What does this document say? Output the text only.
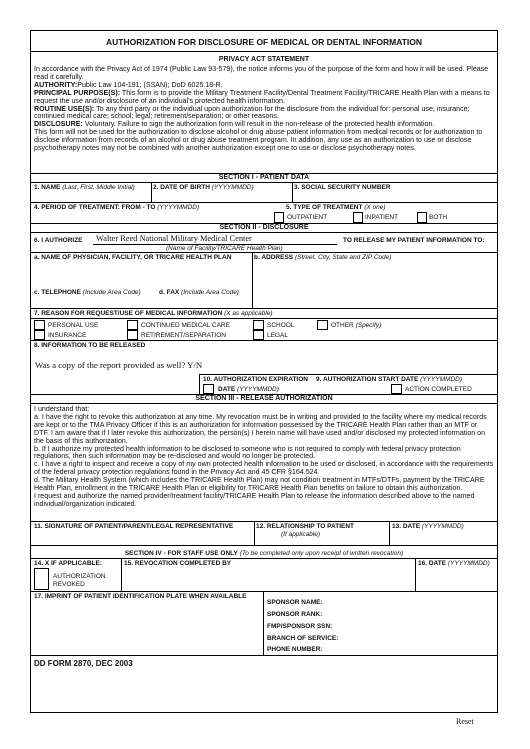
AUTHORIZATION FOR DISCLOSURE OF MEDICAL OR DENTAL INFORMATION
PRIVACY ACT STATEMENT

In accordance with the Privacy Act of 1974 (Public Law 93-579), the notice informs you of the purpose of the form and how it will be used. Please read it carefully.

AUTHORITY:Public Law 104-191; (SSAN); DoD 6025.18-R.

PRINCIPAL PURPOSE(S): This form is to provide the Military Treatment Facility/Dental Treatment Facility/TRICARE Health Plan with a means to request the use and/or disclosure of an individual's protected health information.

ROUTINE USE(S): To any third party or the individual upon authorization for the disclosure from the individual for: personal use; insurance; continued medical care; school; legal; retirement/separation; or other reasons.

DISCLOSURE: Voluntary. Failure to sign the authorization form will result in the non-release of the protected health information.

This form will not be used for the authorization to disclose alcohol or drug abuse patient information from medical records or for authorization to disclose information from records of an alcohol or drug abuse treatment program. In addition, any use as an authorization to use or disclose psychotherapy notes may not be combined with another authorization except one to use or disclose psychotherapy notes.

SECTION I - PATIENT DATA
1. NAME (Last, First, Middle Initial)	2. DATE OF BIRTH (YYYYMMDD)	3. SOCIAL SECURITY NUMBER
4. PERIOD OF TREATMENT: FROM - TO (YYYYMMDD)	5. TYPE OF TREATMENT (X one)
OUTPATIENT	INPATIENT	BOTH
SECTION II - DISCLOSURE
6. I AUTHORIZE	Walter Reed National Military Medical Center	TO RELEASE MY PATIENT INFORMATION TO:
(Name of Facility/TRICARE Health Plan)
a. NAME OF PHYSICIAN, FACILITY, OR TRICARE HEALTH PLAN	b. ADDRESS (Street, City, State and ZIP Code)
c. TELEPHONE (Include Area Code)	d. FAX (Include Area Code)
7. REASON FOR REQUEST/USE OF MEDICAL INFORMATION (X as applicable)
PERSONAL USE
INSURANCE
CONTINUED MEDICAL CARE
RETIREMENT/SEPARATION
SCHOOL
LEGAL
OTHER (Specify)
8. INFORMATION TO BE RELEASED
Was a copy of the report provided as well? Y/N
10. AUTHORIZATION EXPIRATION 9. AUTHORIZATION START DATE (YYYYMMDD)
DATE (YYYYMMDD)	ACTION COMPLETED
SECTION III - RELEASE AUTHORIZATION

I understand that:

a. I have the right to revoke this authorization at any time. My revocation must be in writing and provided to the facility where my medical records are kept or to the TMA Privacy Officer if this is an authorization for information possessed by the TRICARE Health Plan rather than an MTF or DTF. I am aware that if I later revoke this authorization, the person(s) I herein name will have used and/or disclosed my protected information on the basis of this authorization.

b. If I authorize my protected health information to be disclosed to someone who is not required to comply with federal privacy protection regulations, then such information may be re-disclosed and would no longer be protected.

c. I have a right to inspect and receive a copy of my own protected health information to be used or disclosed, in accordance with the requirements of the federal privacy protection regulations found in the Privacy Act and 45 CFR §164.524.

d. The Military Health System (which includes the TRICARE Health Plan) may not condition treatment in MTFs/DTFs, payment by the TRICARE Health Plan, enrollment in the TRICARE Health Plan or eligibility for TRICARE Health Plan benefits on failure to obtain this authorization.

I request and authorize the named provider/treatment facility/TRICARE Health Plan to release the information described above to the named individual/organization indicated.

11. SIGNATURE OF PATIENT/PARENT/LEGAL REPRESENTATIVE	12. RELATIONSHIP TO PATIENT
(If applicable)
13. DATE (YYYYMMDD)
SECTION IV - FOR STAFF USE ONLY (To be completed only upon receipt of written revocation)
14. X IF APPLICABLE:
AUTHORIZATION REVOKED
15. REVOCATION COMPLETED BY	16. DATE (YYYYMMDD)
17. IMPRINT OF PATIENT IDENTIFICATION PLATE WHEN AVAILABLE
SPONSOR NAME:
SPONSOR RANK:
FMP/SPONSOR SSN:
BRANCH OF SERVICE:
PHONE NUMBER:
DD FORM 2870, DEC 2003
Reset
